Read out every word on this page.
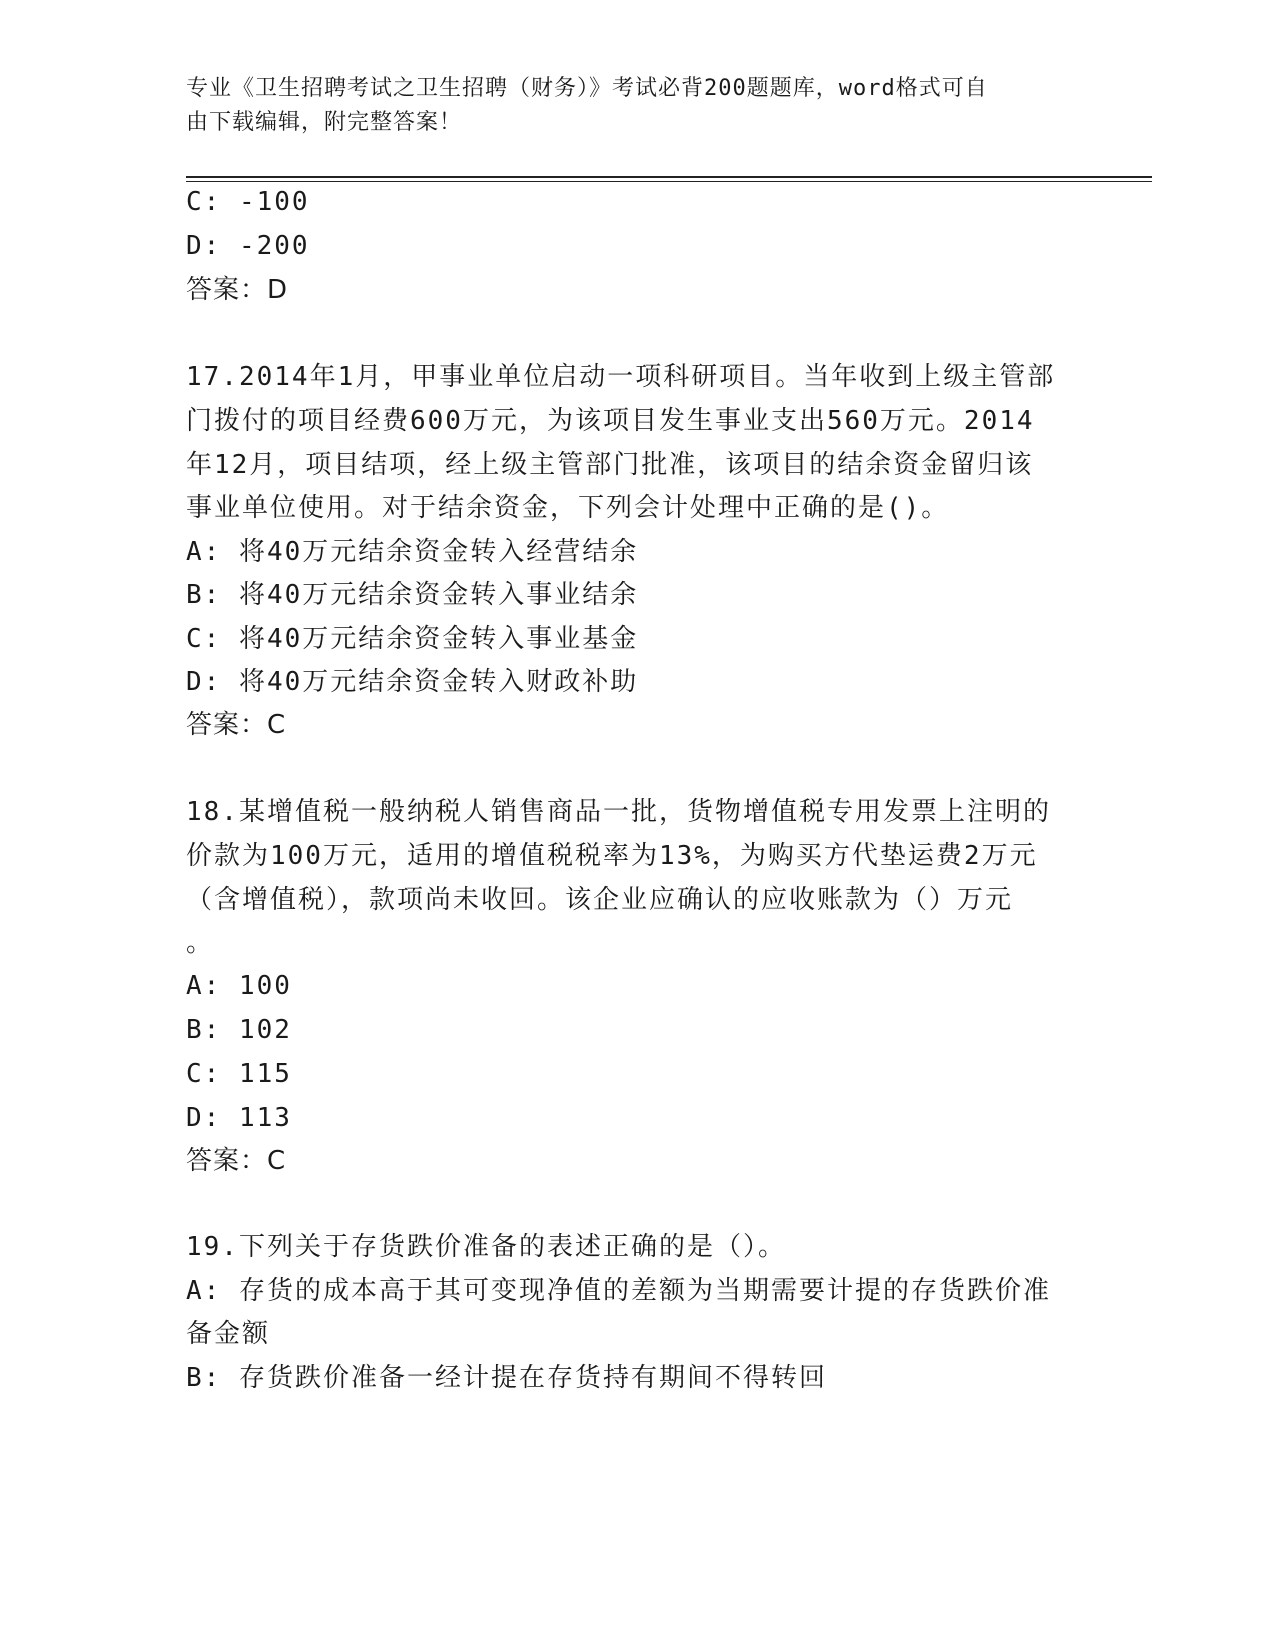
专业《卫生招聘考试之卫生招聘（财务）》考试必背200题题库，word格式可自
由下载编辑，附完整答案！
C: -100
D: -200
答案：D
17.2014年1月，甲事业单位启动一项科研项目。当年收到上级主管部
门拨付的项目经费600万元，为该项目发生事业支出560万元。2014
年12月，项目结项，经上级主管部门批准，该项目的结余资金留归该
事业单位使用。对于结余资金，下列会计处理中正确的是()。
A: 将40万元结余资金转入经营结余
B: 将40万元结余资金转入事业结余
C: 将40万元结余资金转入事业基金
D: 将40万元结余资金转入财政补助
答案：C
18.某增值税一般纳税人销售商品一批，货物增值税专用发票上注明的
价款为100万元，适用的增值税税率为13%，为购买方代垫运费2万元
（含增值税），款项尚未收回。该企业应确认的应收账款为（）万元
。
A: 100
B: 102
C: 115
D: 113
答案：C
19.下列关于存货跌价准备的表述正确的是（）。
A: 存货的成本高于其可变现净值的差额为当期需要计提的存货跌价准
备金额
B: 存货跌价准备一经计提在存货持有期间不得转回
